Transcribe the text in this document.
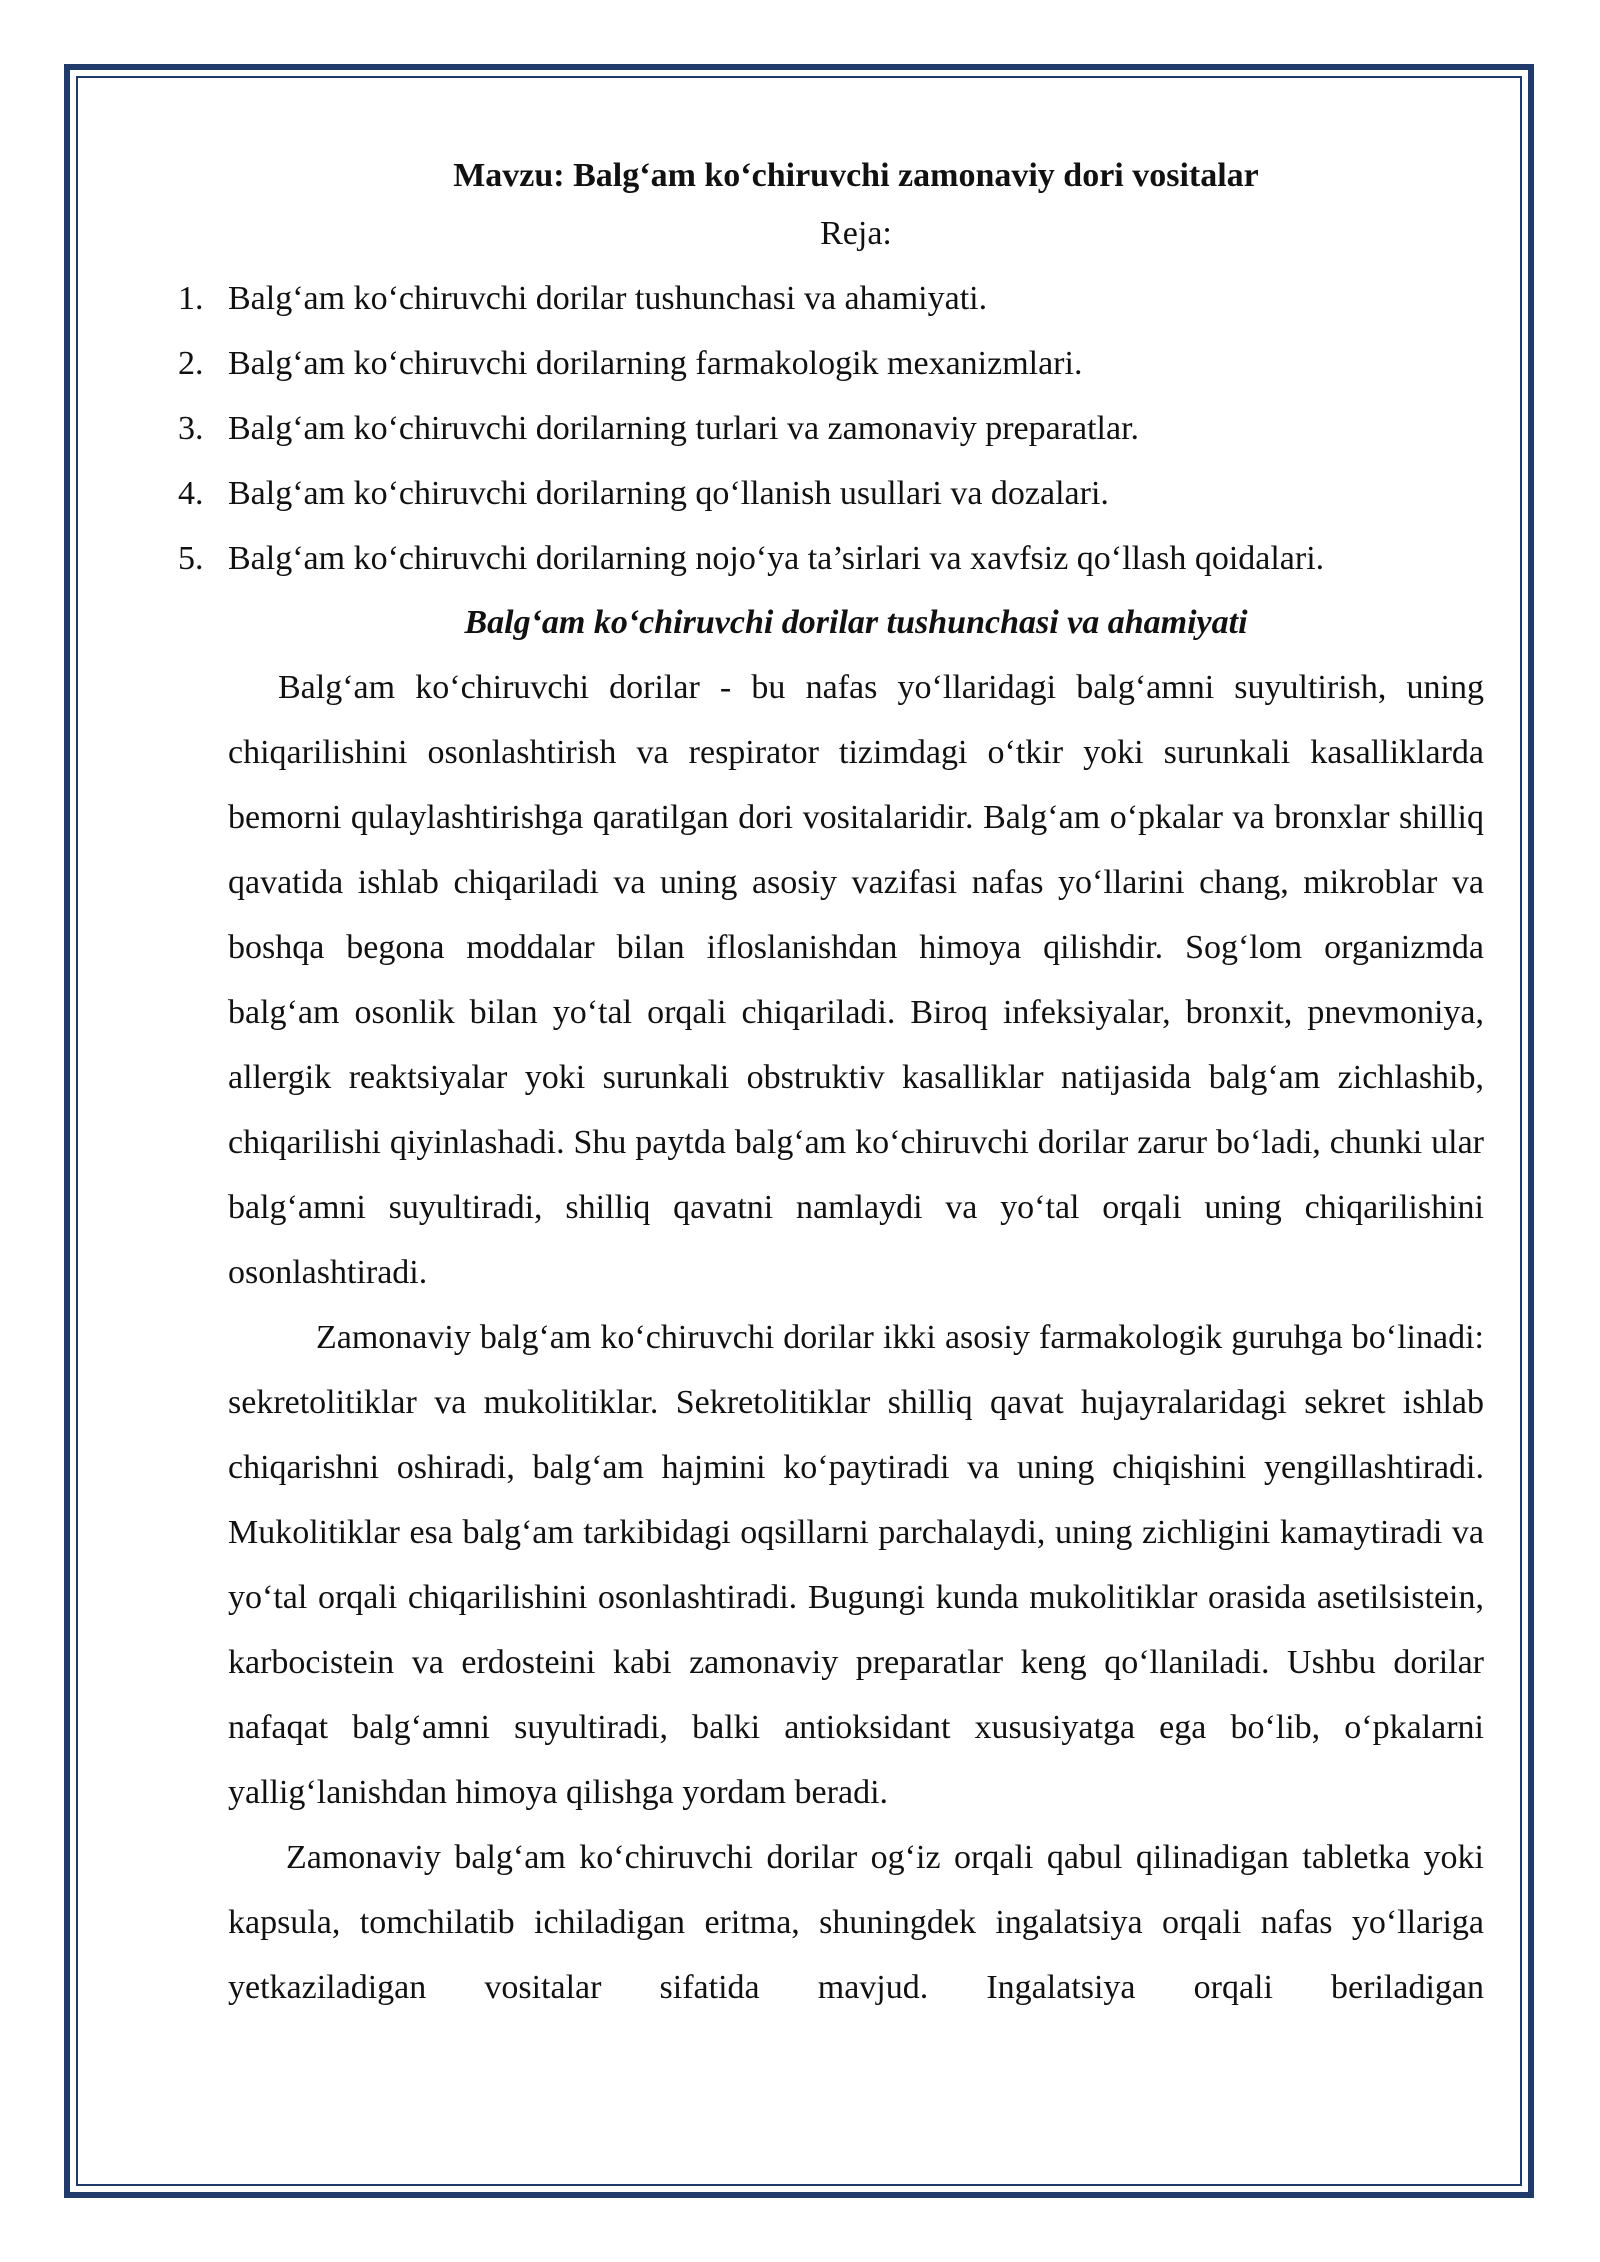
Mavzu: Balg‘am ko‘chiruvchi zamonaviy dori vositalar

Reja:

1. Balg‘am ko‘chiruvchi dorilar tushunchasi va ahamiyati.
2. Balg‘am ko‘chiruvchi dorilarning farmakologik mexanizmlari.
3. Balg‘am ko‘chiruvchi dorilarning turlari va zamonaviy preparatlar.
4. Balg‘am ko‘chiruvchi dorilarning qo‘llanish usullari va dozalari.
5. Balg‘am ko‘chiruvchi dorilarning nojo‘ya ta’sirlari va xavfsiz qo‘llash qoidalari.

Balg‘am ko‘chiruvchi dorilar tushunchasi va ahamiyati

Balg‘am ko‘chiruvchi dorilar - bu nafas yo‘llaridagi balg‘amni suyultirish, uning chiqarilishini osonlashtirish va respirator tizimdagi o‘tkir yoki surunkali kasalliklarda bemorni qulaylashtirishga qaratilgan dori vositalaridir. Balg‘am o‘pkalar va bronxlar shilliq qavatida ishlab chiqariladi va uning asosiy vazifasi nafas yo‘llarini chang, mikroblar va boshqa begona moddalar bilan ifloslanishdan himoya qilishdir. Sog‘lom organizmda balg‘am osonlik bilan yo‘tal orqali chiqariladi. Biroq infeksiyalar, bronxit, pnevmoniya, allergik reaktsiyalar yoki surunkali obstruktiv kasalliklar natijasida balg‘am zichlashib, chiqarilishi qiyinlashadi. Shu paytda balg‘am ko‘chiruvchi dorilar zarur bo‘ladi, chunki ular balg‘amni suyultiradi, shilliq qavatni namlaydi va yo‘tal orqali uning chiqarilishini osonlashtiradi.

Zamonaviy balg‘am ko‘chiruvchi dorilar ikki asosiy farmakologik guruhga bo‘linadi: sekretolitiklar va mukolitiklar. Sekretolitiklar shilliq qavat hujayralaridagi sekret ishlab chiqarishni oshiradi, balg‘am hajmini ko‘paytiradi va uning chiqishini yengillashtiradi. Mukolitiklar esa balg‘am tarkibidagi oqsillarni parchalaydi, uning zichligini kamaytiradi va yo‘tal orqali chiqarilishini osonlashtiradi. Bugungi kunda mukolitiklar orasida asetilsistein, karbocistein va erdosteini kabi zamonaviy preparatlar keng qo‘llaniladi. Ushbu dorilar nafaqat balg‘amni suyultiradi, balki antioksidant xususiyatga ega bo‘lib, o‘pkalarni yallig‘lanishdan himoya qilishga yordam beradi.

Zamonaviy balg‘am ko‘chiruvchi dorilar og‘iz orqali qabul qilinadigan tabletka yoki kapsula, tomchilatib ichiladigan eritma, shuningdek ingalatsiya orqali nafas yo‘llariga yetkaziladigan vositalar sifatida mavjud. Ingalatsiya orqali beriladigan
